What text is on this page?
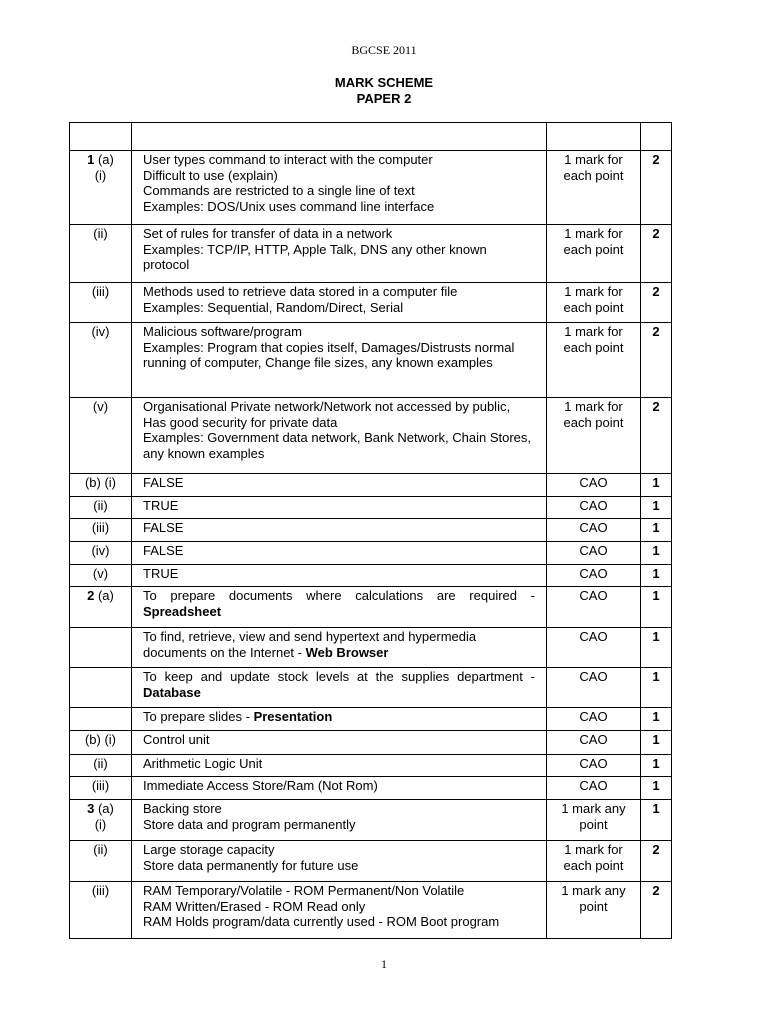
BGCSE 2011
MARK SCHEME
PAPER 2

1 (a)
(i)	User types command to interact with the computer
Difficult to use (explain)
Commands are restricted to a single line of text
Examples: DOS/Unix uses command line interface	1 mark for each point	2

(ii)	Set of rules for transfer of data in a network
Examples: TCP/IP, HTTP, Apple Talk, DNS any other known protocol	1 mark for each point	2

(iii)	Methods used to retrieve data stored in a computer file
Examples: Sequential, Random/Direct, Serial	1 mark for each point	2

(iv)	Malicious software/program
Examples: Program that copies itself, Damages/Distrusts normal running of computer, Change file sizes, any known examples	1 mark for each point	2

(v)	Organisational Private network/Network not accessed by public, Has good security for private data
Examples: Government data network, Bank Network, Chain Stores, any known examples	1 mark for each point	2

(b) (i)	FALSE	CAO	1

(ii)	TRUE	CAO	1

(iii)	FALSE	CAO	1

(iv)	FALSE	CAO	1

(v)	TRUE	CAO	1

2 (a)	To prepare documents where calculations are required - Spreadsheet	CAO	1

	To find, retrieve, view and send hypertext and hypermedia documents on the Internet - Web Browser	CAO	1

	To keep and update stock levels at the supplies department - Database	CAO	1

	To prepare slides - Presentation	CAO	1

(b) (i)	Control unit	CAO	1

(ii)	Arithmetic Logic Unit	CAO	1

(iii)	Immediate Access Store/Ram (Not Rom)	CAO	1

3 (a)
(i)	Backing store
Store data and program permanently	1 mark any point	1

(ii)	Large storage capacity
Store data permanently for future use	1 mark for each point	2

(iii)	RAM Temporary/Volatile - ROM Permanent/Non Volatile
RAM Written/Erased - ROM Read only
RAM Holds program/data currently used - ROM Boot program	1 mark any point	2
1
